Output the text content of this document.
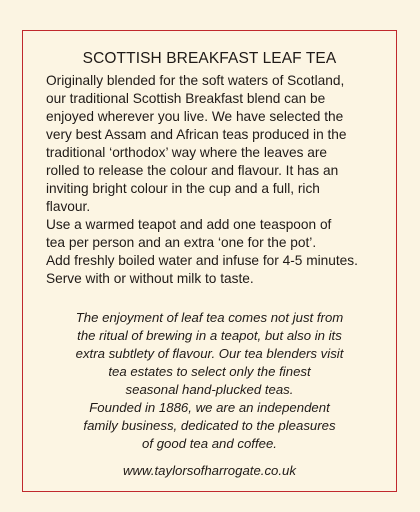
SCOTTISH BREAKFAST LEAF TEA
Originally blended for the soft waters of Scotland,
our traditional Scottish Breakfast blend can be
enjoyed wherever you live. We have selected the
very best Assam and African teas produced in the
traditional ‘orthodox’ way where the leaves are
rolled to release the colour and flavour. It has an
inviting bright colour in the cup and a full, rich
flavour.
Use a warmed teapot and add one teaspoon of
tea per person and an extra ‘one for the pot’.
Add freshly boiled water and infuse for 4-5 minutes.
Serve with or without milk to taste.
The enjoyment of leaf tea comes not just from
the ritual of brewing in a teapot, but also in its
extra subtlety of flavour. Our tea blenders visit
tea estates to select only the finest
seasonal hand-plucked teas.
Founded in 1886, we are an independent
family business, dedicated to the pleasures
of good tea and coffee.
www.taylorsofharrogate.co.uk
